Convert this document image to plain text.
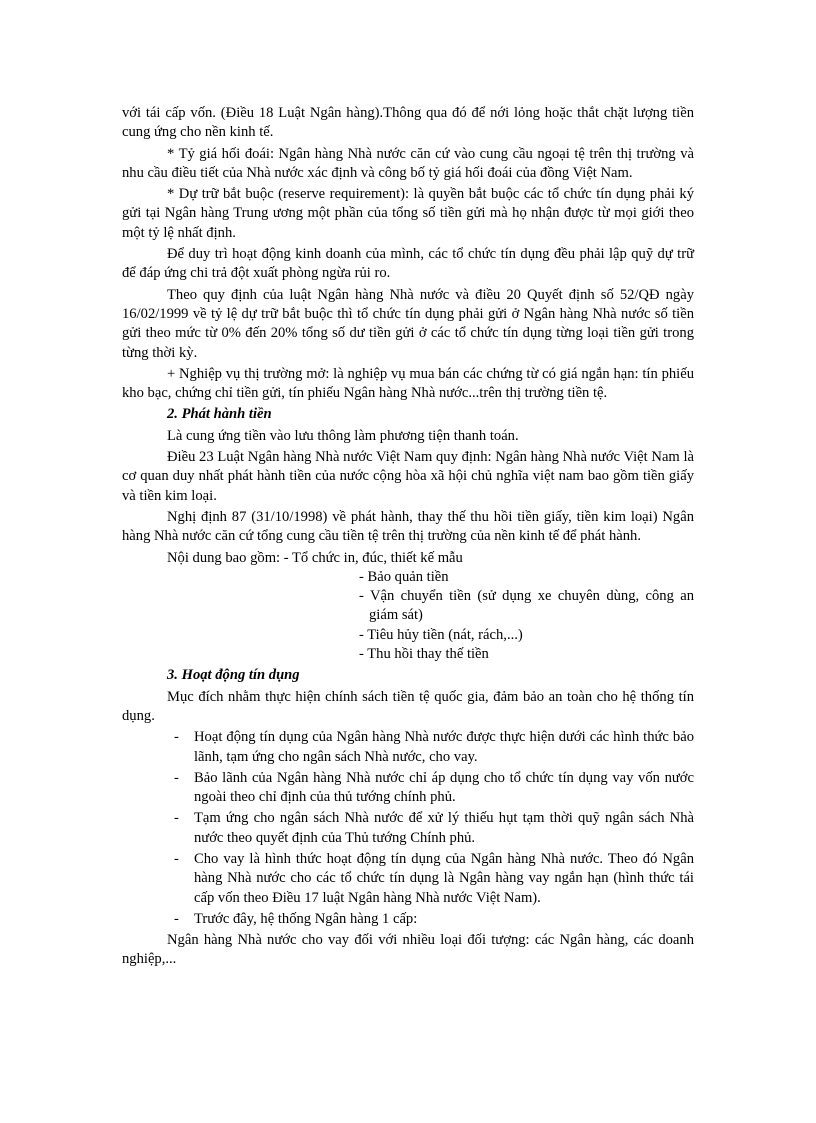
với tái cấp vốn. (Điều 18 Luật Ngân hàng).Thông qua đó để nới lỏng hoặc thắt chặt lượng tiền cung ứng cho nền kinh tế.

* Tỷ giá hối đoái: Ngân hàng Nhà nước căn cứ vào cung cầu ngoại tệ trên thị trường và nhu cầu điều tiết của Nhà nước xác định và công bố tỷ giá hối đoái của đồng Việt Nam.

* Dự trữ bắt buộc (reserve requirement): là quyền bắt buộc các tổ chức tín dụng phải ký gửi tại Ngân hàng Trung ương một phần của tổng số tiền gửi mà họ nhận được từ mọi giới theo một tỷ lệ nhất định.

Để duy trì hoạt động kinh doanh của mình, các tổ chức tín dụng đều phải lập quỹ dự trữ để đáp ứng chi trả đột xuất phòng ngừa rủi ro.

Theo quy định của luật Ngân hàng Nhà nước và điều 20 Quyết định số 52/QĐ ngày 16/02/1999 về tỷ lệ dự trữ bắt buộc thì tổ chức tín dụng phải gửi ở Ngân hàng Nhà nước số tiền gửi theo mức từ 0% đến 20% tổng số dư tiền gửi ở các tổ chức tín dụng từng loại tiền gửi trong từng thời kỳ.

+ Nghiệp vụ thị trường mở: là nghiệp vụ mua bán các chứng từ có giá ngắn hạn: tín phiếu kho bạc, chứng chỉ tiền gửi, tín phiếu Ngân hàng Nhà nước...trên thị trường tiền tệ.

2. Phát hành tiền

Là cung ứng tiền vào lưu thông làm phương tiện thanh toán.

Điều 23 Luật Ngân hàng Nhà nước Việt Nam quy định: Ngân hàng Nhà nước Việt Nam là cơ quan duy nhất phát hành tiền của nước cộng hòa xã hội chủ nghĩa việt nam bao gồm tiền giấy và tiền kim loại.

Nghị định 87 (31/10/1998) về phát hành, thay thế thu hồi tiền giấy, tiền kim loại) Ngân hàng Nhà nước căn cứ tổng cung cầu tiền tệ trên thị trường của nền kinh tế để phát hành.

Nội dung bao gồm: - Tổ chức in, đúc, thiết kế mẫu

- Bảo quản tiền

- Vận chuyển tiền (sử dụng xe chuyên dùng, công an giám sát)

- Tiêu hủy tiền (nát, rách,...)

- Thu hồi thay thế tiền

3. Hoạt động tín dụng

Mục đích nhằm thực hiện chính sách tiền tệ quốc gia, đảm bảo an toàn cho hệ thống tín dụng.

- Hoạt động tín dụng của Ngân hàng Nhà nước được thực hiện dưới các hình thức bảo lãnh, tạm ứng cho ngân sách Nhà nước, cho vay.
- Bảo lãnh của Ngân hàng Nhà nước chỉ áp dụng cho tổ chức tín dụng vay vốn nước ngoài theo chỉ định của thủ tướng chính phủ.
- Tạm ứng cho ngân sách Nhà nước để xử lý thiếu hụt tạm thời quỹ ngân sách Nhà nước theo quyết định của Thủ tướng Chính phủ.
- Cho vay là hình thức hoạt động tín dụng của Ngân hàng Nhà nước. Theo đó Ngân hàng Nhà nước cho các tổ chức tín dụng là Ngân hàng vay ngắn hạn (hình thức tái cấp vốn theo Điều 17 luật Ngân hàng Nhà nước Việt Nam).
- Trước đây, hệ thống Ngân hàng 1 cấp:

Ngân hàng Nhà nước cho vay đối với nhiều loại đối tượng: các Ngân hàng, các doanh nghiệp,...
